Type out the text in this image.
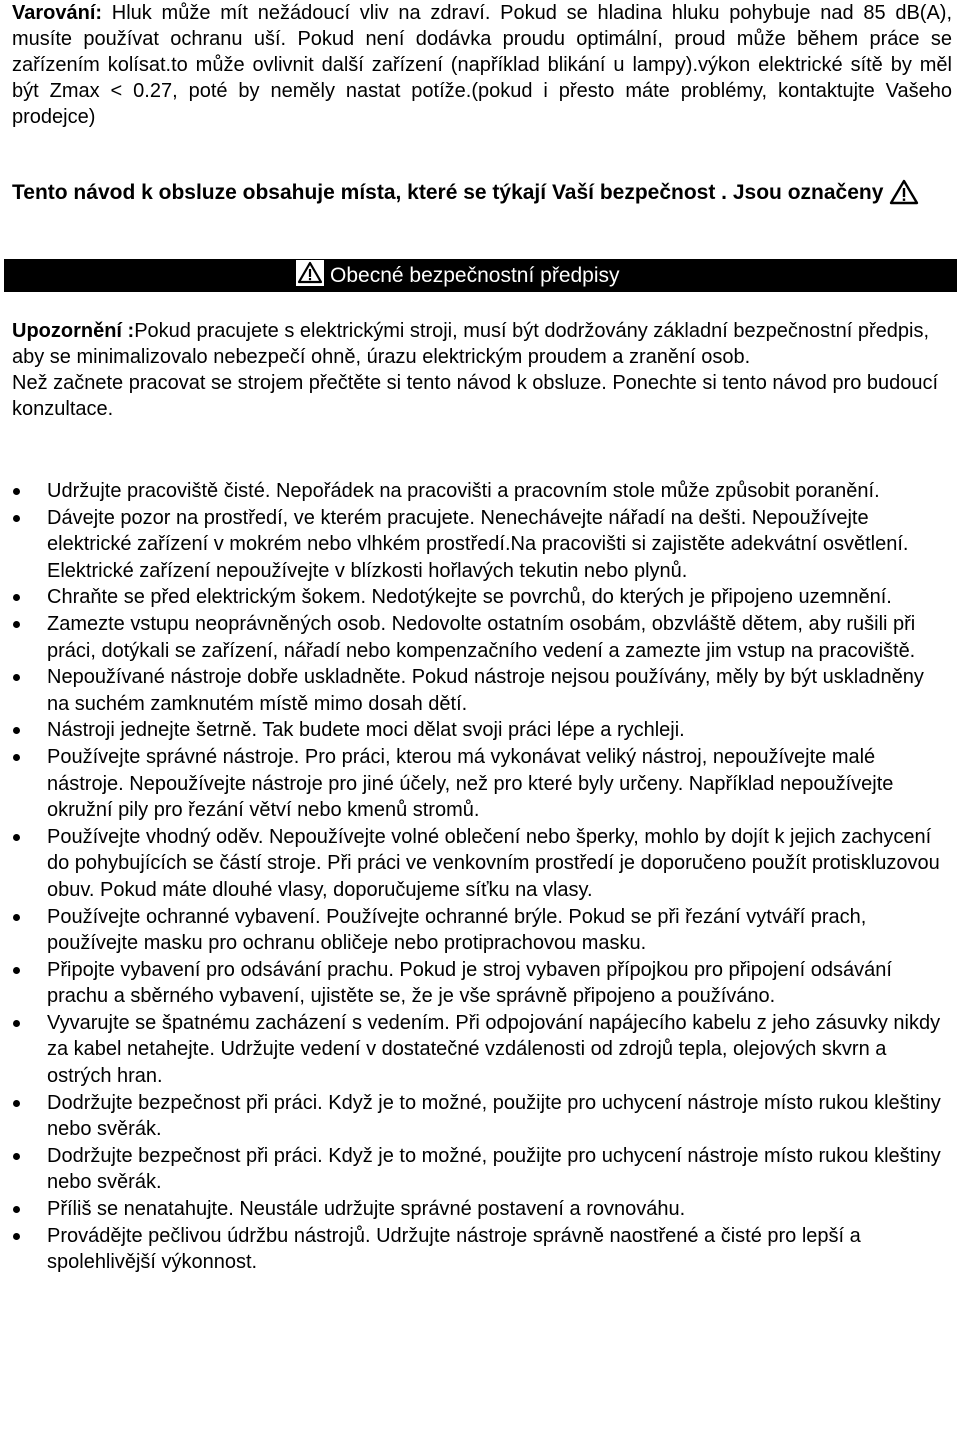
Varování: Hluk může mít nežádoucí vliv na zdraví. Pokud se hladina hluku pohybuje nad 85 dB(A), musíte používat ochranu uší. Pokud není dodávka proudu optimální, proud může během práce se zařízením kolísat.to může ovlivnit další zařízení (například blikání u lampy).výkon elektrické sítě by měl být Zmax < 0.27, poté by neměly nastat potíže.(pokud i přesto máte problémy, kontaktujte Vašeho prodejce)
Tento návod k obsluze obsahuje místa, které se týkají Vaší bezpečnost . Jsou označeny
Obecné bezpečnostní předpisy

Upozornění :Pokud pracujete s elektrickými stroji, musí být dodržovány základní bezpečnostní předpis, aby se minimalizovalo nebezpečí ohně, úrazu elektrickým proudem a zranění osob.

Než začnete pracovat se strojem přečtěte si tento návod k obsluze. Ponechte si tento návod pro budoucí konzultace.

Udržujte pracoviště čisté. Nepořádek na pracovišti a pracovním stole může způsobit poranění.
Dávejte pozor na prostředí, ve kterém pracujete. Nenechávejte nářadí na dešti. Nepoužívejte elektrické zařízení v mokrém nebo vlhkém prostředí.Na pracovišti si zajistěte adekvátní osvětlení. Elektrické zařízení nepoužívejte v blízkosti hořlavých tekutin nebo plynů.
Chraňte se před elektrickým šokem. Nedotýkejte se povrchů, do kterých je připojeno uzemnění.
Zamezte vstupu neoprávněných osob. Nedovolte ostatním osobám, obzvláště dětem, aby rušili při práci, dotýkali se zařízení, nářadí nebo kompenzačního vedení a zamezte jim vstup na pracoviště.
Nepoužívané nástroje dobře uskladněte. Pokud nástroje nejsou používány, měly by být uskladněny na suchém zamknutém místě mimo dosah dětí.
Nástroji jednejte šetrně. Tak budete moci dělat svoji práci lépe a rychleji.
Používejte správné nástroje. Pro práci, kterou má vykonávat veliký nástroj, nepoužívejte malé nástroje. Nepoužívejte nástroje pro jiné účely, než pro které byly určeny. Například nepoužívejte okružní pily pro řezání větví nebo kmenů stromů.
Používejte vhodný oděv. Nepoužívejte volné oblečení nebo šperky, mohlo by dojít k jejich zachycení do pohybujících se částí stroje. Při práci ve venkovním prostředí je doporučeno použít protiskluzovou obuv. Pokud máte dlouhé vlasy, doporučujeme síťku na vlasy.
Používejte ochranné vybavení. Používejte ochranné brýle. Pokud se při řezání vytváří prach, používejte masku pro ochranu obličeje nebo protiprachovou masku.
Připojte vybavení pro odsávání prachu. Pokud je stroj vybaven přípojkou pro připojení odsávání prachu a sběrného vybavení, ujistěte se, že je vše správně připojeno a používáno.
Vyvarujte se špatnému zacházení s vedením. Při odpojování napájecího kabelu z jeho zásuvky nikdy za kabel netahejte. Udržujte vedení v dostatečné vzdálenosti od zdrojů tepla, olejových skvrn a ostrých hran.
Dodržujte bezpečnost při práci. Když je to možné, použijte pro uchycení nástroje místo rukou kleštiny nebo svěrák.
Dodržujte bezpečnost při práci. Když je to možné, použijte pro uchycení nástroje místo rukou kleštiny nebo svěrák.
Příliš se nenatahujte. Neustále udržujte správné postavení a rovnováhu.
Provádějte pečlivou údržbu nástrojů. Udržujte nástroje správně naostřené a čisté pro lepší a spolehlivější výkonnost.
